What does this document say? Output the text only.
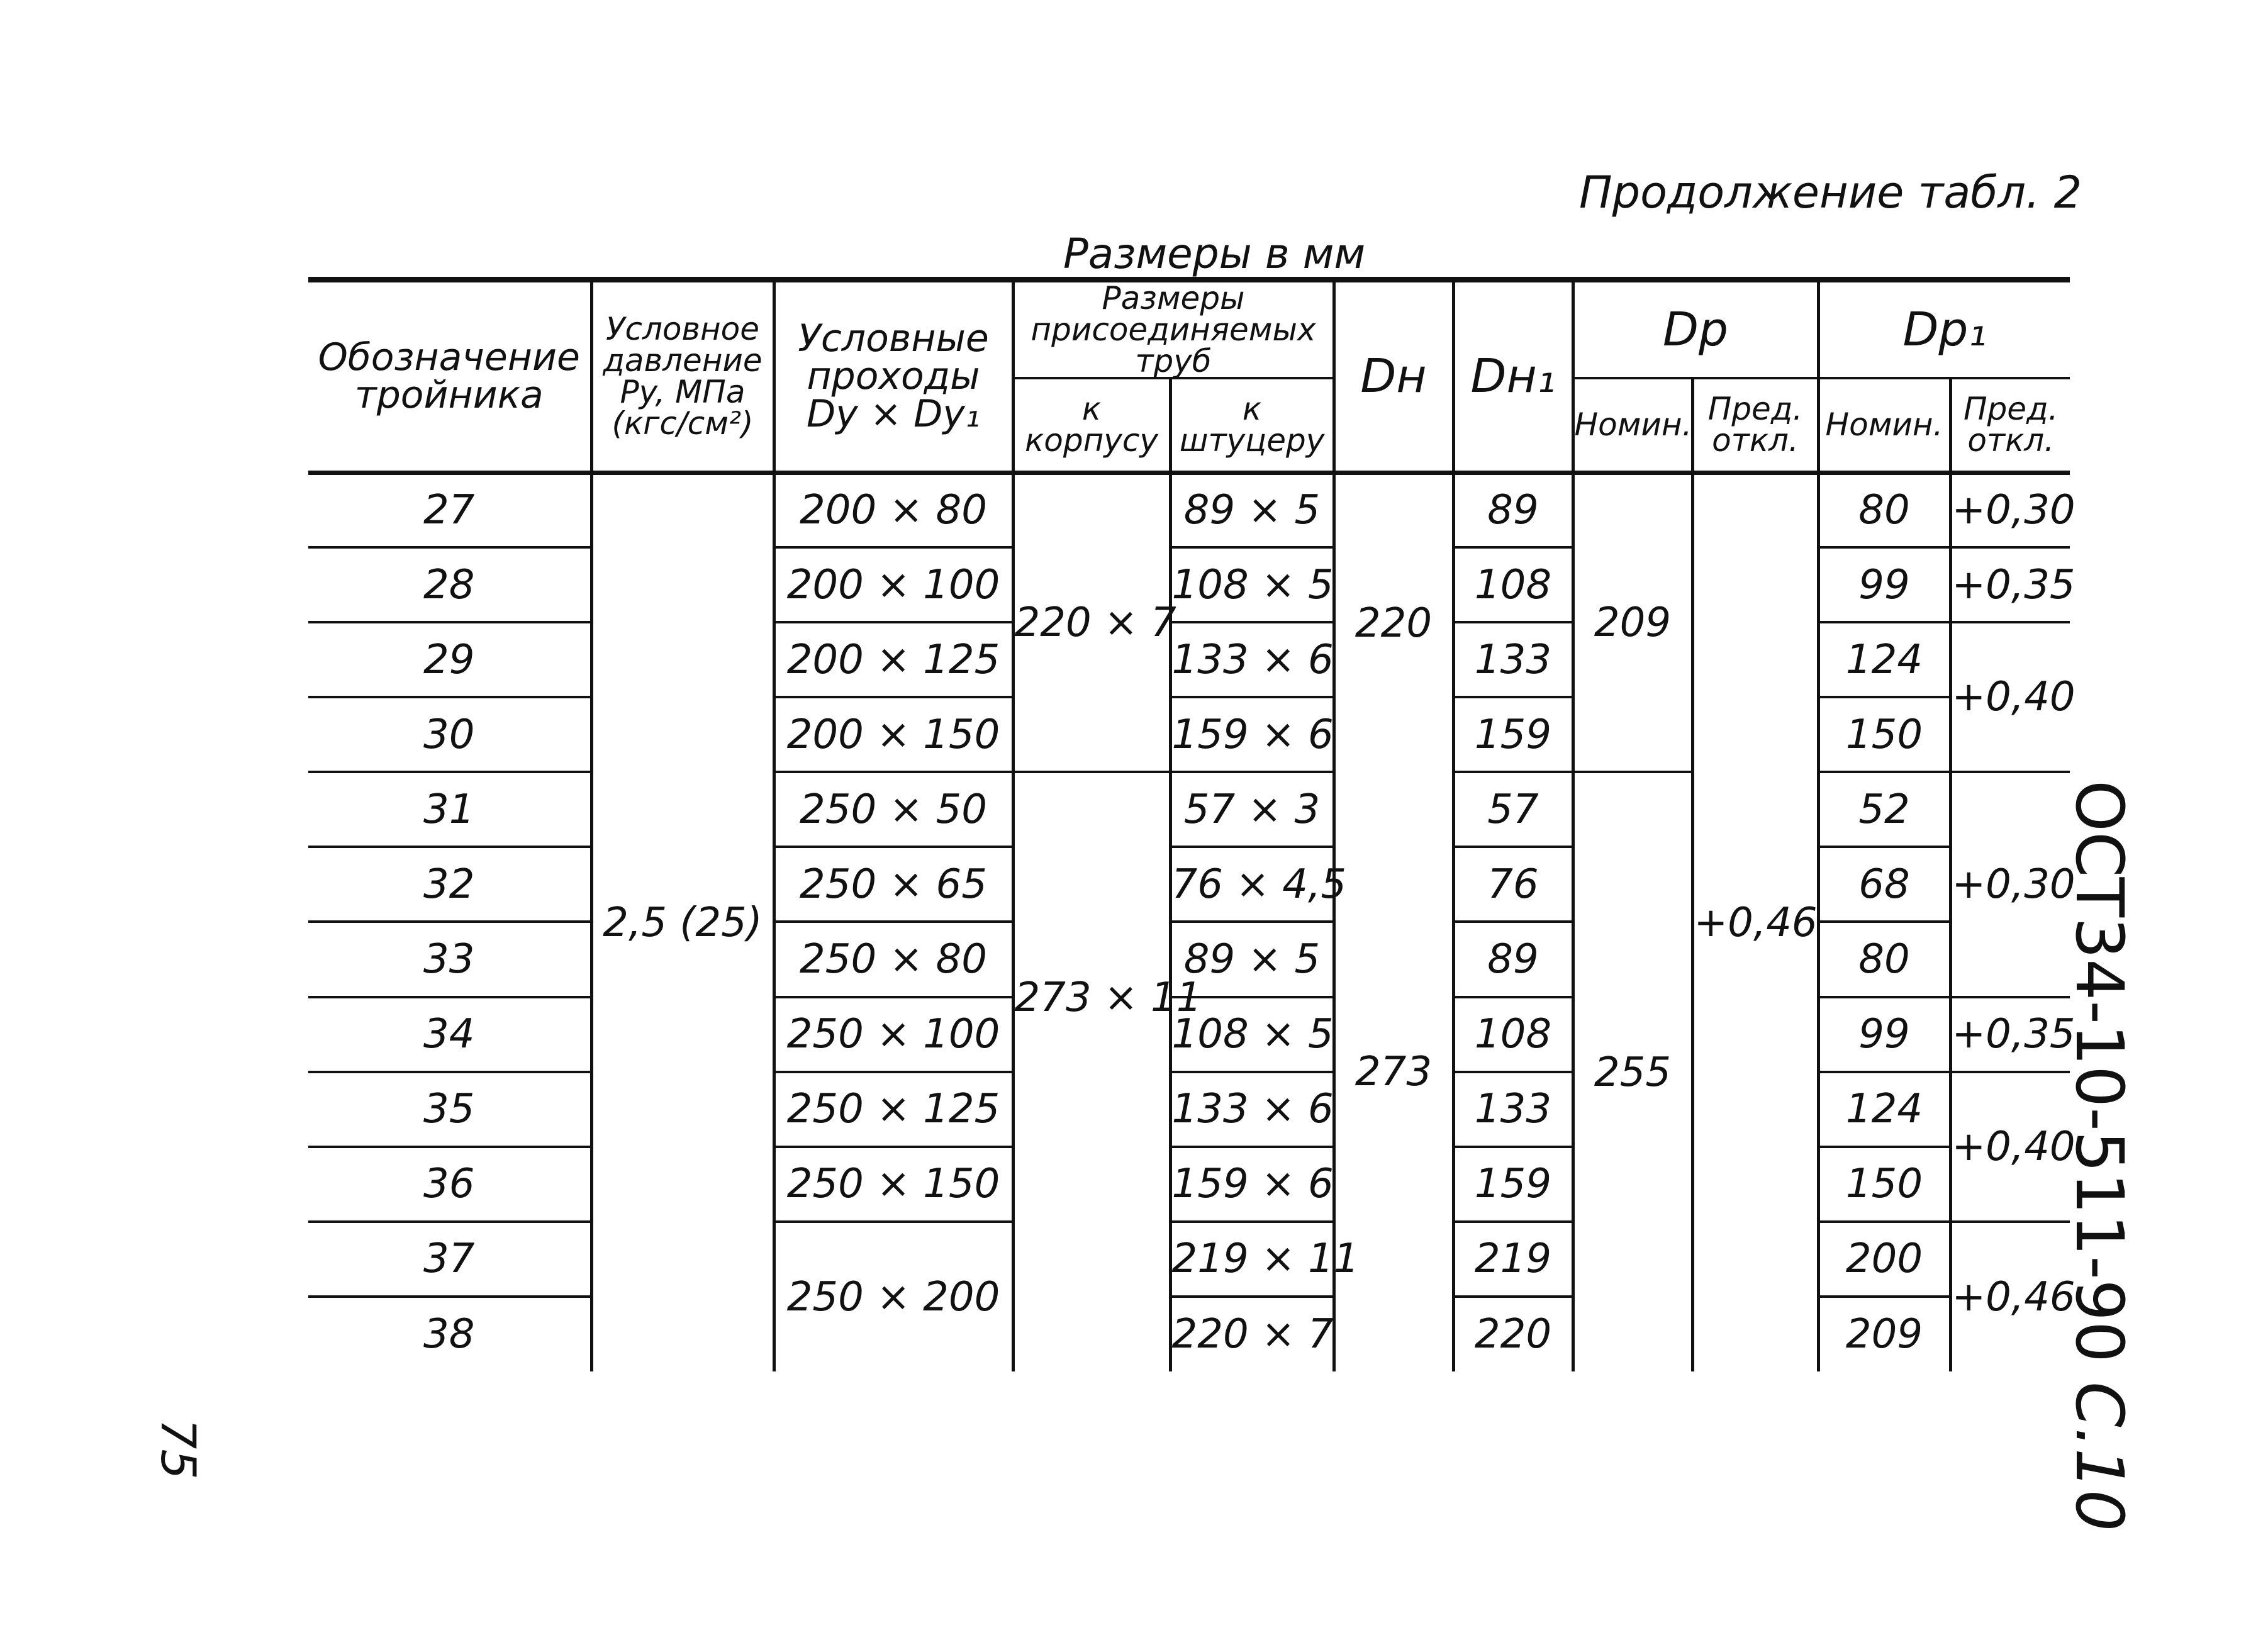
Продолжение табл. 2
Размеры в мм
ОСТ34-10-511-90С.10
75
Обозначение тройника	Условное давление Py, МПа (кгс/см²)	Условные проходы Dy × Dy₁	Размеры присоединяемых труб		Dн	Dн₁	Dр		Dр₁	

			к корпусу	к штуцеру			Номин.	Пред. откл.	Номин.	Пред. откл.

27	2,5 (25)	200 × 80	220 × 7	89 × 5	220	89	209	+0,46	80	+0,30
28		200 × 100		108 × 5		108			99	+0,35
29		200 × 125		133 × 6		133			124	+0,40
30		200 × 150		159 × 6		159			150	
31		250 × 50	273 × 11	57 × 3	273	57	255		52	+0,30
32		250 × 65		76 × 4,5		76			68	
33		250 × 80		89 × 5		89			80	
34		250 × 100		108 × 5		108			99	+0,35
35		250 × 125		133 × 6		133			124	+0,40
36		250 × 150		159 × 6		159			150	
37		250 × 200		219 × 11		219			200	+0,46
38				220 × 7		220			209	
